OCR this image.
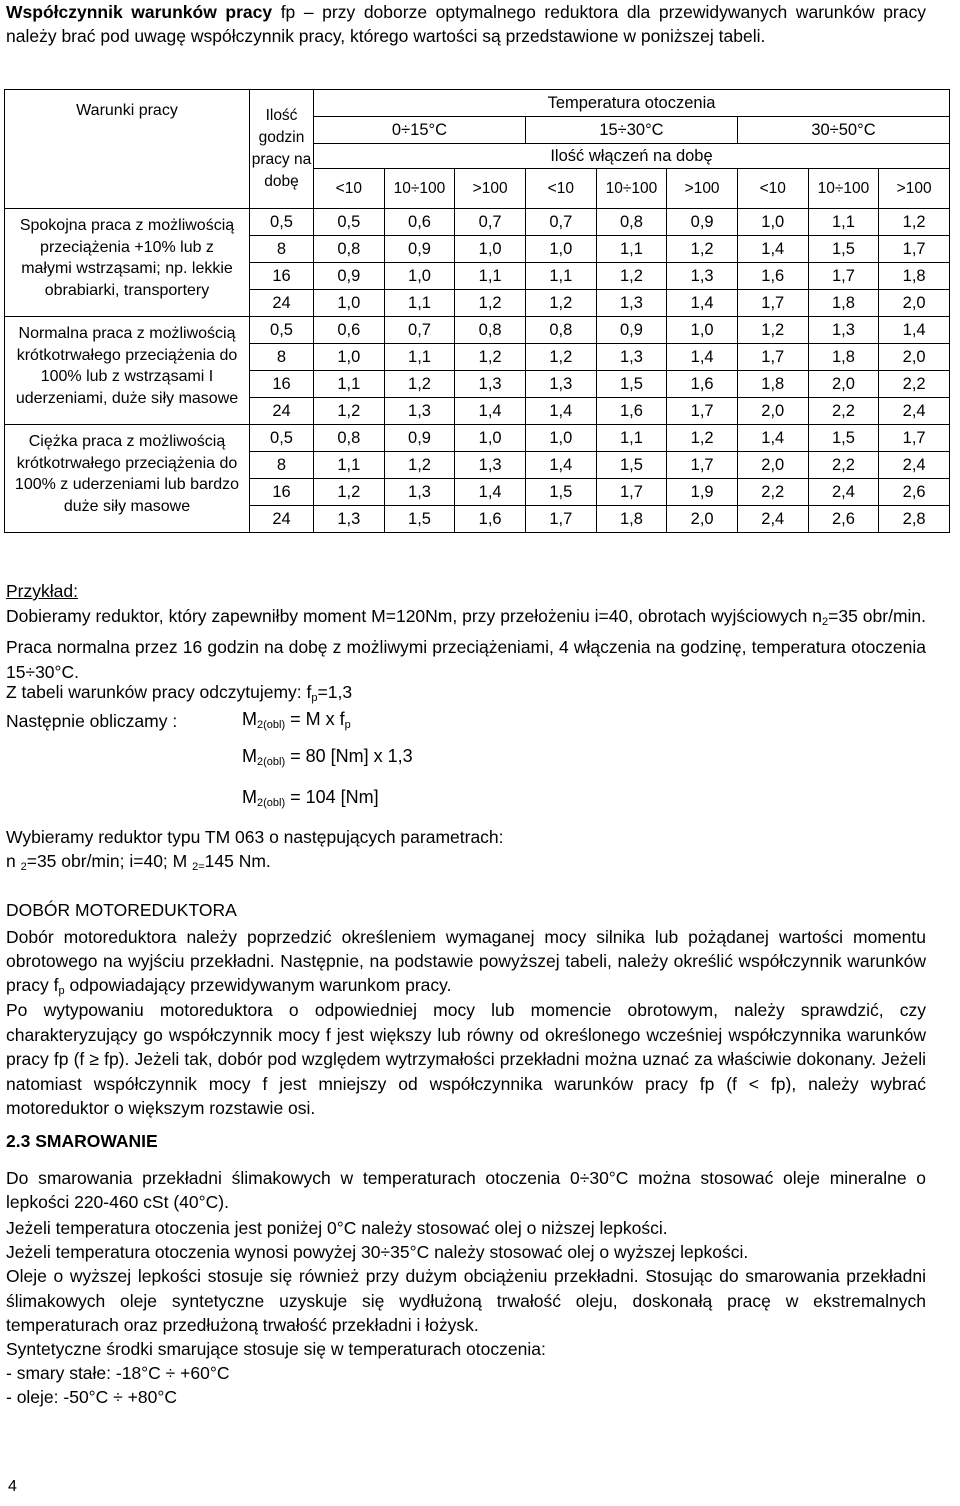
Współczynnik warunków pracy fp – przy doborze optymalnego reduktora dla przewidywanych warunków pracy należy brać pod uwagę współczynnik pracy, którego wartości są przedstawione w poniższej tabeli.
Warunki pracy	Ilość godzin pracy na dobę	Temperatura otoczenia								
		0÷15°C			15÷30°C			30÷50°C		
		Ilość włączeń na dobę								
		<10	10÷100	>100	<10	10÷100	>100	<10	10÷100	>100
Spokojna praca z możliwością przeciążenia +10% lub z małymi wstrząsami; np. lekkie obrabiarki, transportery	0,5	0,5	0,6	0,7	0,7	0,8	0,9	1,0	1,1	1,2
	8	0,8	0,9	1,0	1,0	1,1	1,2	1,4	1,5	1,7
	16	0,9	1,0	1,1	1,1	1,2	1,3	1,6	1,7	1,8
	24	1,0	1,1	1,2	1,2	1,3	1,4	1,7	1,8	2,0
Normalna praca z możliwością krótkotrwałego przeciążenia do 100% lub z wstrząsami I uderzeniami, duże siły masowe	0,5	0,6	0,7	0,8	0,8	0,9	1,0	1,2	1,3	1,4
	8	1,0	1,1	1,2	1,2	1,3	1,4	1,7	1,8	2,0
	16	1,1	1,2	1,3	1,3	1,5	1,6	1,8	2,0	2,2
	24	1,2	1,3	1,4	1,4	1,6	1,7	2,0	2,2	2,4
Ciężka praca z możliwością krótkotrwałego przeciążenia do 100% z uderzeniami lub bardzo duże siły masowe	0,5	0,8	0,9	1,0	1,0	1,1	1,2	1,4	1,5	1,7
	8	1,1	1,2	1,3	1,4	1,5	1,7	2,0	2,2	2,4
	16	1,2	1,3	1,4	1,5	1,7	1,9	2,2	2,4	2,6
	24	1,3	1,5	1,6	1,7	1,8	2,0	2,4	2,6	2,8
Przykład:
Dobieramy reduktor, który zapewniłby moment M=120Nm, przy przełożeniu i=40, obrotach wyjściowych $n_2=35$ obr/min. Praca normalna przez 16 godzin na dobę z możliwymi przeciążeniami, 4 włączenia na godzinę, temperatura otoczenia 15÷30°C.
Z tabeli warunków pracy odczytujemy: $f_p=1,3$
Następnie obliczamy :	$M_{2(obl)} = M$ x $f_p$
$M_{2(obl)} = 80$ [Nm] x 1,3
$M_{2(obl)} = 104$ [Nm]
Wybieramy reduktor typu TM 063 o następujących parametrach:
n $_2$=35 obr/min; i=40; M $_{2=}$145 Nm.
DOBÓR MOTOREDUKTORA
Dobór motoreduktora należy poprzedzić określeniem wymaganej mocy silnika lub pożądanej wartości momentu obrotowego na wyjściu przekładni. Następnie, na podstawie powyższej tabeli, należy określić współczynnik warunków pracy $f_p$ odpowiadający przewidywanym warunkom pracy.
Po wytypowaniu motoreduktora o odpowiedniej mocy lub momencie obrotowym, należy sprawdzić, czy charakteryzujący go współczynnik mocy f jest większy lub równy od określonego wcześniej współczynnika warunków pracy fp (f ≥ fp). Jeżeli tak, dobór pod względem wytrzymałości przekładni można uznać za właściwie dokonany. Jeżeli natomiast współczynnik mocy f jest mniejszy od współczynnika warunków pracy fp (f < fp), należy wybrać motoreduktor o większym rozstawie osi.
2.3 SMAROWANIE
Do smarowania przekładni ślimakowych w temperaturach otoczenia 0÷30°C można stosować oleje mineralne o lepkości 220-460 cSt (40°C).
Jeżeli temperatura otoczenia jest poniżej 0°C należy stosować olej o niższej lepkości.
Jeżeli temperatura otoczenia wynosi powyżej 30÷35°C należy stosować olej o wyższej lepkości.
Oleje o wyższej lepkości stosuje się również przy dużym obciążeniu przekładni. Stosując do smarowania przekładni ślimakowych oleje syntetyczne uzyskuje się wydłużoną trwałość oleju, doskonałą pracę w ekstremalnych temperaturach oraz przedłużoną trwałość przekładni i łożysk.
Syntetyczne środki smarujące stosuje się w temperaturach otoczenia:
- smary stałe: -18°C ÷ +60°C
- oleje: -50°C ÷ +80°C
4
